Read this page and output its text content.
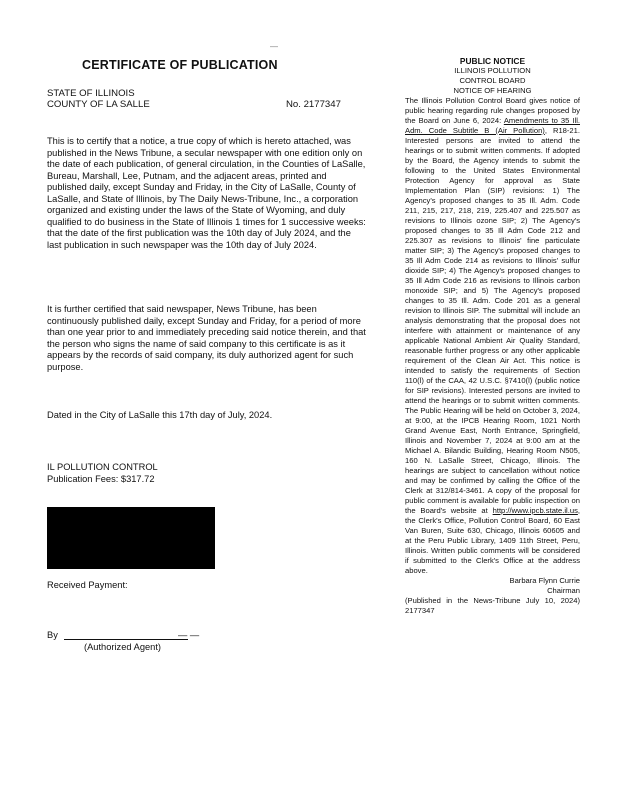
—
CERTIFICATE OF PUBLICATION
STATE OF ILLINOIS
COUNTY OF LA SALLE	No. 2177347
This is to certify that a notice, a true copy of which is hereto attached, was published in the News Tribune, a secular newspaper with one edition only on the date of each publication, of general circulation, in the Counties of LaSalle, Bureau, Marshall, Lee, Putnam, and the adjacent areas, printed and published daily, except Sunday and Friday, in the City of LaSalle, County of LaSalle, and State of Illinois, by The Daily News-Tribune, Inc., a corporation organized and existing under the laws of the State of Wyoming, and duly qualified to do business in the State of Illinois 1 times for 1 successive weeks: that the date of the first publication was the 10th day of July 2024, and the last publication in such newspaper was the 10th day of July 2024.
It is further certified that said newspaper, News Tribune, has been continuously published daily, except Sunday and Friday, for a period of more than one year prior to and immediately preceding said notice therein, and that the person who signs the name of said company to this certificate is as it appears by the records of said company, its duly authorized agent for such purpose.
Dated in the City of LaSalle this 17th day of July, 2024.
IL POLLUTION CONTROL
Publication Fees: $317.72
Received Payment:
By	— —
(Authorized Agent)
PUBLIC NOTICE
ILLINOIS POLLUTION
CONTROL BOARD
NOTICE OF HEARING

The Illinois Pollution Control Board gives notice of public hearing regarding rule changes proposed by the Board on June 6, 2024: Amendments to 35 Ill. Adm. Code Subtitle B (Air Pollution), R18-21. Interested persons are invited to attend the hearings or to submit written comments. If adopted by the Board, the Agency intends to submit the following to the United States Environmental Protection Agency for approval as State Implementation Plan (SIP) revisions: 1) The Agency's proposed changes to 35 Ill. Adm. Code 211, 215, 217, 218, 219, 225.407 and 225.507 as revisions to Illinois ozone SIP; 2) The Agency's proposed changes to 35 Ill Adm Code 212 and 225.307 as revisions to Illinois' fine particulate matter SIP; 3) The Agency's proposed changes to 35 Ill Adm Code 214 as revisions to Illinois' sulfur dioxide SIP; 4) The Agency's proposed changes to 35 Ill Adm Code 216 as revisions to Illinois carbon monoxide SIP; and 5) The Agency's proposed changes to 35 Ill. Adm. Code 201 as a general revision to Illinois SIP. The submittal will include an analysis demonstrating that the proposal does not interfere with attainment or maintenance of any applicable National Ambient Air Quality Standard, reasonable further progress or any other applicable requirement of the Clean Air Act. This notice is intended to satisfy the requirements of Section 110(l) of the CAA, 42 U.S.C. §7410(l) (public notice for SIP revisions). Interested persons are invited to attend the hearings or to submit written comments. The Public Hearing will be held on October 3, 2024, at 9:00, at the IPCB Hearing Room, 1021 North Grand Avenue East, North Entrance, Springfield, Illinois and November 7, 2024 at 9:00 am at the Michael A. Bilandic Building, Hearing Room N505, 160 N. LaSalle Street, Chicago, Illinois. The hearings are subject to cancellation without notice and may be confirmed by calling the Office of the Clerk at 312/814-3461. A copy of the proposal for public comment is available for public inspection on the Board's website at http://www.ipcb.state.il.us, the Clerk's Office, Pollution Control Board, 60 East Van Buren, Suite 630, Chicago, Illinois 60605 and at the Peru Public Library, 1409 11th Street, Peru, Illinois. Written public comments will be considered if submitted to the Clerk's Office at the address above.

Barbara Flynn Currie
Chairman
(Published in the News-Tribune July 10, 2024) 2177347
